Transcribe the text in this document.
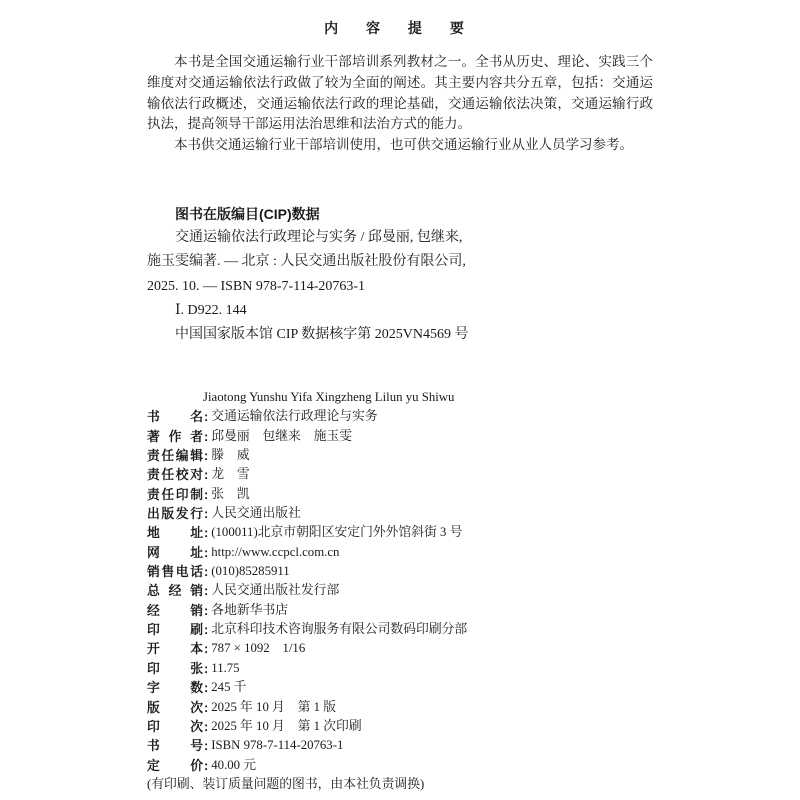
内 容 提 要

本书是全国交通运输行业干部培训系列教材之一。全书从历史、理论、实践三个维度对交通运输依法行政做了较为全面的阐述。其主要内容共分五章，包括：交通运输依法行政概述，交通运输依法行政的理论基础，交通运输依法决策，交通运输行政执法，提高领导干部运用法治思维和法治方式的能力。

本书供交通运输行业干部培训使用，也可供交通运输行业从业人员学习参考。

图书在版编目(CIP)数据
交通运输依法行政理论与实务 / 邱曼丽, 包继来,
施玉雯编著. — 北京 : 人民交通出版社股份有限公司,
2025. 10. — ISBN 978-7-114-20763-1
Ⅰ. D922. 144
中国国家版本馆 CIP 数据核字第 2025VN4569 号
Jiaotong Yunshu Yifa Xingzheng Lilun yu Shiwu
书名 : 交通运输依法行政理论与实务
著作者 : 邱曼丽　包继来　施玉雯
责任编辑 : 滕　威
责任校对 : 龙　雪
责任印制 : 张　凯
出版发行 : 人民交通出版社
地址 : (100011)北京市朝阳区安定门外外馆斜街 3 号
网址 : http://www.ccpcl.com.cn
销售电话 : (010)85285911
总经销 : 人民交通出版社发行部
经销 : 各地新华书店
印刷 : 北京科印技术咨询服务有限公司数码印刷分部
开本 : 787 × 1092　1/16
印张 : 11.75
字数 : 245 千
版次 : 2025 年 10 月　第 1 版
印次 : 2025 年 10 月　第 1 次印刷
书号 : ISBN 978-7-114-20763-1
定价 : 40.00 元
(有印刷、装订质量问题的图书，由本社负责调换)
